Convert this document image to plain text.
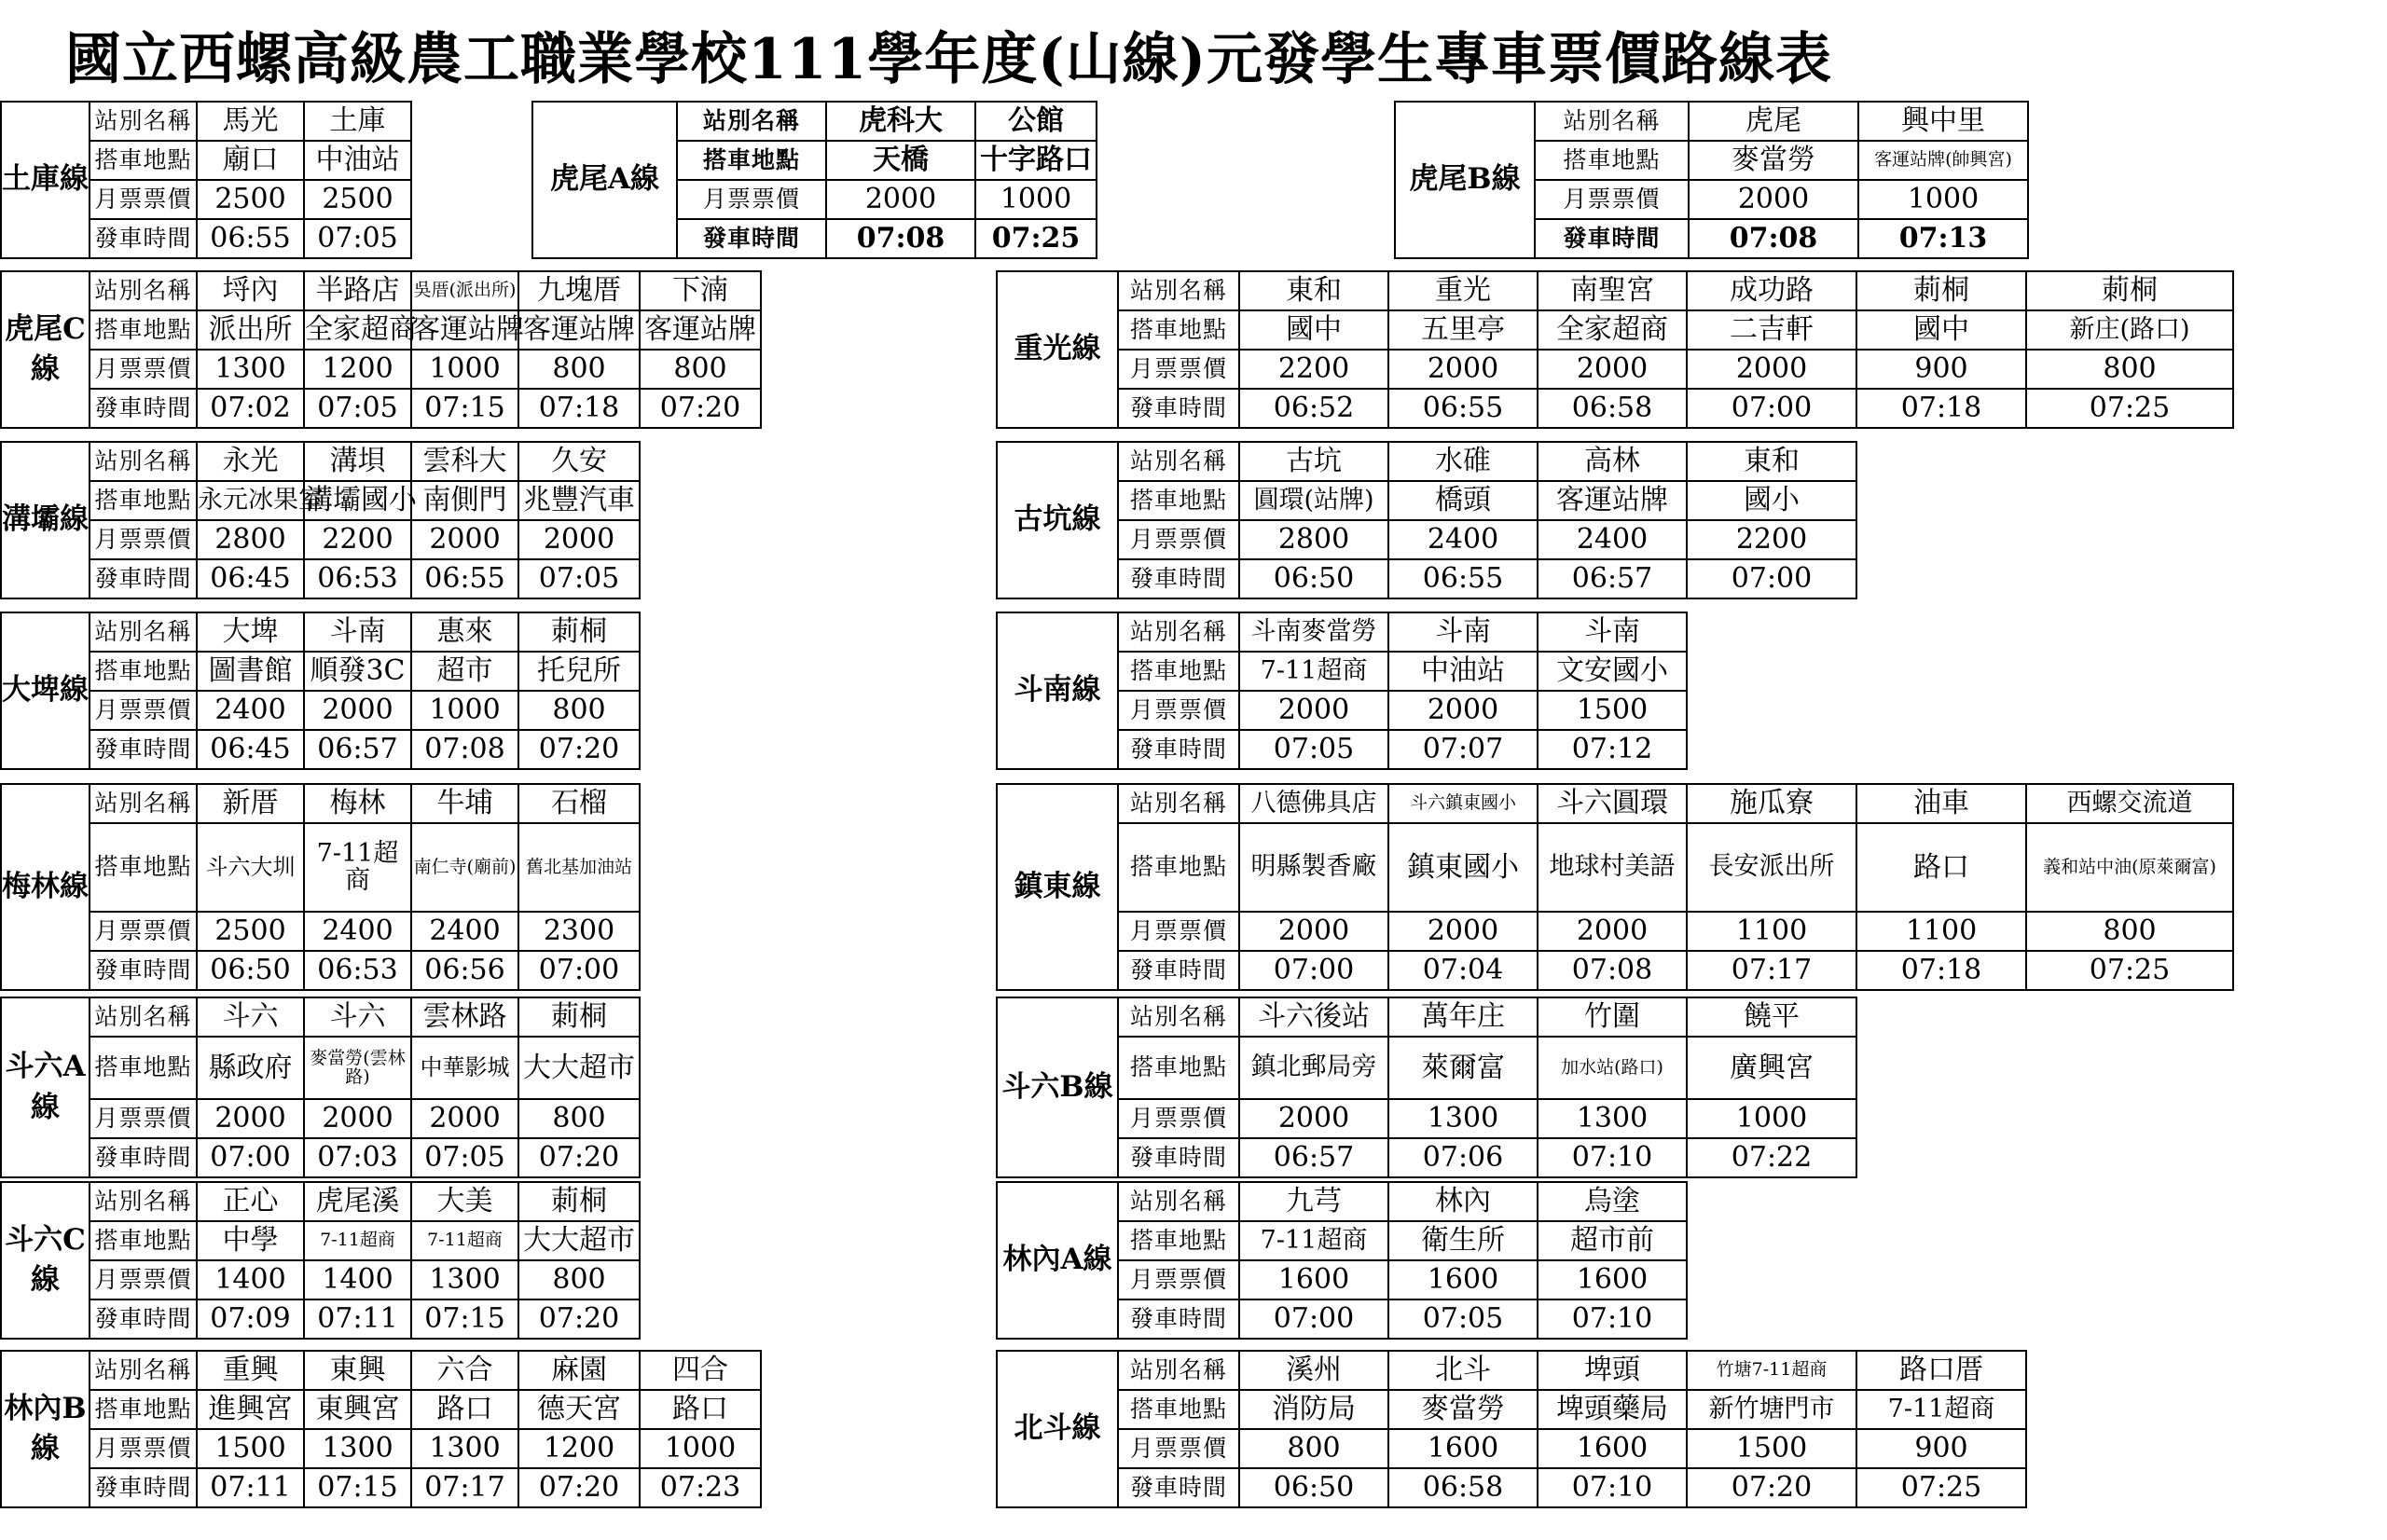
國立西螺高級農工職業學校111學年度(山線)元發學生專車票價路線表
土庫線	站別名稱	馬光	土庫
	搭車地點	廟口	中油站
	月票票價	2500	2500
	發車時間	06:55	07:05
虎尾A線	站別名稱	虎科大	公館
	搭車地點	天橋	十字路口
	月票票價	2000	1000
	發車時間	07:08	07:25
虎尾B線	站別名稱	虎尾	興中里
	搭車地點	麥當勞	客運站牌(帥興宮)
	月票票價	2000	1000
	發車時間	07:08	07:13
虎尾C線	站別名稱	埒內	半路店	吳厝(派出所)	九塊厝	下湳
	搭車地點	派出所	全家超商	客運站牌	客運站牌	客運站牌
	月票票價	1300	1200	1000	800	800
	發車時間	07:02	07:05	07:15	07:18	07:20
重光線	站別名稱	東和	重光	南聖宮	成功路	莿桐	莿桐
	搭車地點	國中	五里亭	全家超商	二吉軒	國中	新庄(路口)
	月票票價	2200	2000	2000	2000	900	800
	發車時間	06:52	06:55	06:58	07:00	07:18	07:25
溝壩線	站別名稱	永光	溝垻	雲科大	久安
	搭車地點	永元冰果室	溝壩國小	南側門	兆豐汽車
	月票票價	2800	2200	2000	2000
	發車時間	06:45	06:53	06:55	07:05
古坑線	站別名稱	古坑	水碓	高林	東和
	搭車地點	圓環(站牌)	橋頭	客運站牌	國小
	月票票價	2800	2400	2400	2200
	發車時間	06:50	06:55	06:57	07:00
大埤線	站別名稱	大埤	斗南	惠來	莿桐
	搭車地點	圖書館	順發3C	超市	托兒所
	月票票價	2400	2000	1000	800
	發車時間	06:45	06:57	07:08	07:20
斗南線	站別名稱	斗南麥當勞	斗南	斗南
	搭車地點	7-11超商	中油站	文安國小
	月票票價	2000	2000	1500
	發車時間	07:05	07:07	07:12
梅林線	站別名稱	新厝	梅林	牛埔	石榴
	搭車地點	斗六大圳	7-11超商	南仁寺(廟前)	舊北基加油站
	月票票價	2500	2400	2400	2300
	發車時間	06:50	06:53	06:56	07:00
鎮東線	站別名稱	八德佛具店	斗六鎮東國小	斗六圓環	施瓜寮	油車	西螺交流道
	搭車地點	明縣製香廠	鎮東國小	地球村美語	長安派出所	路口	義和站中油(原萊爾富)
	月票票價	2000	2000	2000	1100	1100	800
	發車時間	07:00	07:04	07:08	07:17	07:18	07:25
斗六A線	站別名稱	斗六	斗六	雲林路	莿桐
	搭車地點	縣政府	麥當勞(雲林路)	中華影城	大大超市
	月票票價	2000	2000	2000	800
	發車時間	07:00	07:03	07:05	07:20
斗六B線	站別名稱	斗六後站	萬年庄	竹圍	饒平
	搭車地點	鎮北郵局旁	萊爾富	加水站(路口)	廣興宮
	月票票價	2000	1300	1300	1000
	發車時間	06:57	07:06	07:10	07:22
斗六C線	站別名稱	正心	虎尾溪	大美	莿桐
	搭車地點	中學	7-11超商	7-11超商	大大超市
	月票票價	1400	1400	1300	800
	發車時間	07:09	07:11	07:15	07:20
林內A線	站別名稱	九芎	林內	烏塗
	搭車地點	7-11超商	衛生所	超市前
	月票票價	1600	1600	1600
	發車時間	07:00	07:05	07:10
林內B線	站別名稱	重興	東興	六合	麻園	四合
	搭車地點	進興宮	東興宮	路口	德天宮	路口
	月票票價	1500	1300	1300	1200	1000
	發車時間	07:11	07:15	07:17	07:20	07:23
北斗線	站別名稱	溪州	北斗	埤頭	竹塘7-11超商	路口厝
	搭車地點	消防局	麥當勞	埤頭藥局	新竹塘門市	7-11超商
	月票票價	800	1600	1600	1500	900
	發車時間	06:50	06:58	07:10	07:20	07:25
